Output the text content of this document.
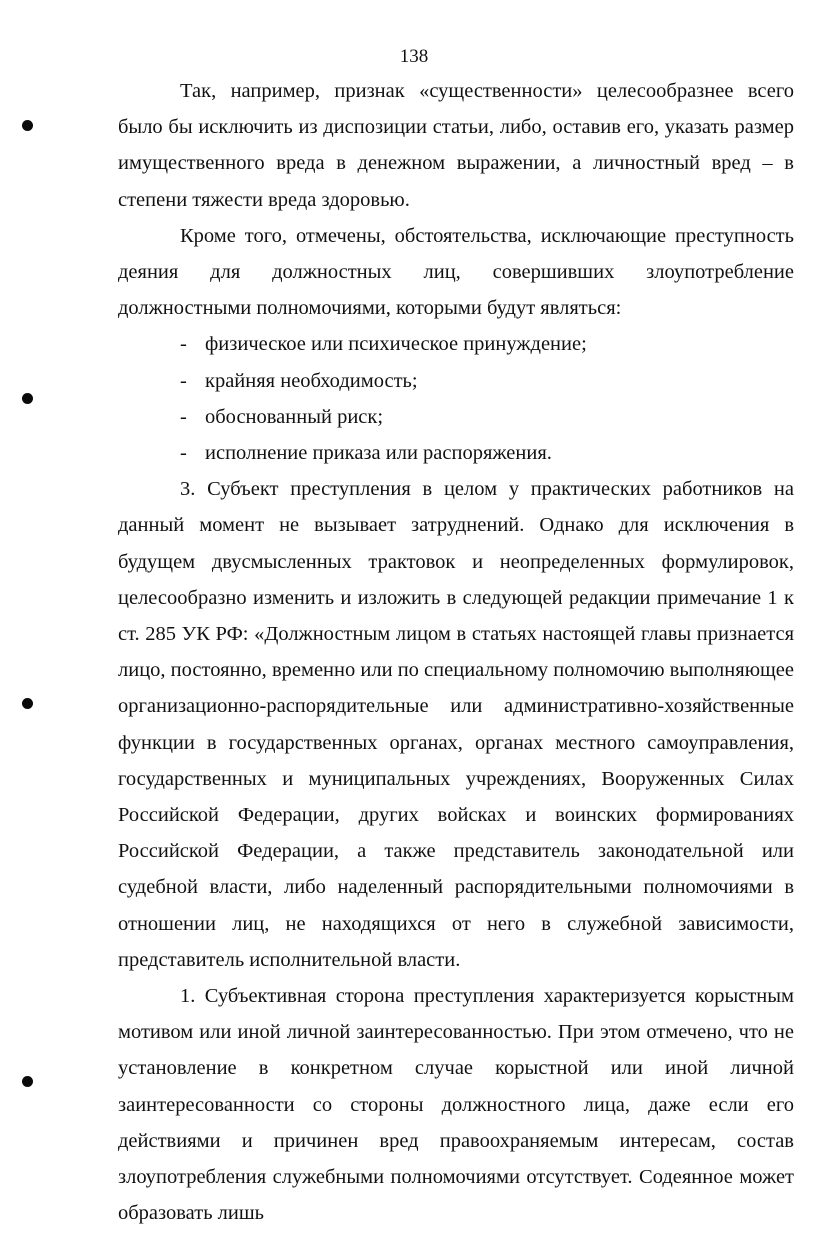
138

Так, например, признак «существенности» целесообразнее всего было бы исключить из диспозиции статьи, либо, оставив его, указать размер имущественного вреда в денежном выражении, а личностный вред – в степени тяжести вреда здоровью.

Кроме того, отмечены, обстоятельства, исключающие преступность деяния для должностных лиц, совершивших злоупотребление должностными полномочиями, которыми будут являться:

- физическое или психическое принуждение;
- крайняя необходимость;
- обоснованный риск;
- исполнение приказа или распоряжения.

3. Субъект преступления в целом у практических работников на данный момент не вызывает затруднений. Однако для исключения в будущем двусмысленных трактовок и неопределенных формулировок, целесообразно изменить и изложить в следующей редакции примечание 1 к ст. 285 УК РФ: «Должностным лицом в статьях настоящей главы признается лицо, постоянно, временно или по специальному полномочию выполняющее организационно-распорядительные или административно-хозяйственные функции в государственных органах, органах местного самоуправления, государственных и муниципальных учреждениях, Вооруженных Силах Российской Федерации, других войсках и воинских формированиях Российской Федерации, а также представитель законодательной или судебной власти, либо наделенный распорядительными полномочиями в отношении лиц, не находящихся от него в служебной зависимости, представитель исполнительной власти.

1. Субъективная сторона преступления характеризуется корыстным мотивом или иной личной заинтересованностью. При этом отмечено, что не установление в конкретном случае корыстной или иной личной заинтересованности со стороны должностного лица, даже если его действиями и причинен вред правоохраняемым интересам, состав злоупотребления служебными полномочиями отсутствует. Содеянное может образовать лишь
